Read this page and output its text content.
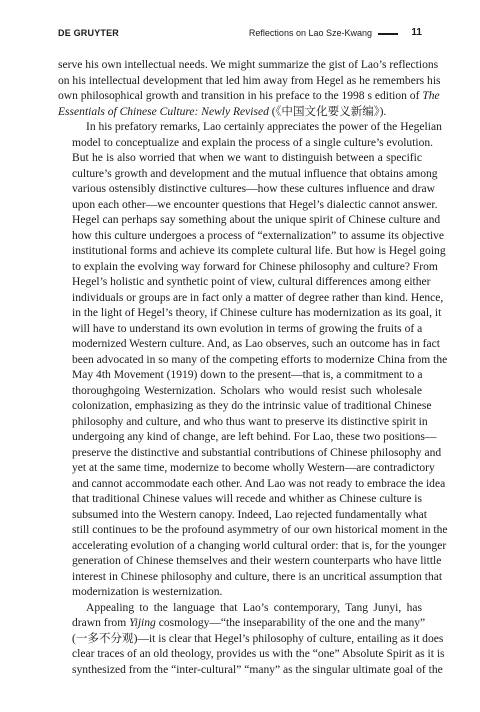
DE GRUYTER	Reflections on Lao Sze-Kwang	11

serve his own intellectual needs. We might summarize the gist of Lao’s reflections
on his intellectual development that led him away from Hegel as he remembers his
own philosophical growth and transition in his preface to the 1998 s edition of The
Essentials of Chinese Culture: Newly Revised (《中国文化要义新编》).

In his prefatory remarks, Lao certainly appreciates the power of the Hegelian
model to conceptualize and explain the process of a single culture’s evolution.
But he is also worried that when we want to distinguish between a specific
culture’s growth and development and the mutual influence that obtains among
various ostensibly distinctive cultures—how these cultures influence and draw
upon each other—we encounter questions that Hegel’s dialectic cannot answer.
Hegel can perhaps say something about the unique spirit of Chinese culture and
how this culture undergoes a process of “externalization” to assume its objective
institutional forms and achieve its complete cultural life. But how is Hegel going
to explain the evolving way forward for Chinese philosophy and culture? From
Hegel’s holistic and synthetic point of view, cultural differences among either
individuals or groups are in fact only a matter of degree rather than kind. Hence,
in the light of Hegel’s theory, if Chinese culture has modernization as its goal, it
will have to understand its own evolution in terms of growing the fruits of a
modernized Western culture. And, as Lao observes, such an outcome has in fact
been advocated in so many of the competing efforts to modernize China from the
May 4th Movement (1919) down to the present—that is, a commitment to a
thoroughgoing Westernization. Scholars who would resist such wholesale
colonization, emphasizing as they do the intrinsic value of traditional Chinese
philosophy and culture, and who thus want to preserve its distinctive spirit in
undergoing any kind of change, are left behind. For Lao, these two positions—
preserve the distinctive and substantial contributions of Chinese philosophy and
yet at the same time, modernize to become wholly Western—are contradictory
and cannot accommodate each other. And Lao was not ready to embrace the idea
that traditional Chinese values will recede and whither as Chinese culture is
subsumed into the Western canopy. Indeed, Lao rejected fundamentally what
still continues to be the profound asymmetry of our own historical moment in the
accelerating evolution of a changing world cultural order: that is, for the younger
generation of Chinese themselves and their western counterparts who have little
interest in Chinese philosophy and culture, there is an uncritical assumption that
modernization is westernization.

Appealing to the language that Lao’s contemporary, Tang Junyi, has
drawn from Yijing cosmology—“the inseparability of the one and the many”
(一多不分观)—it is clear that Hegel’s philosophy of culture, entailing as it does
clear traces of an old theology, provides us with the “one” Absolute Spirit as it is
synthesized from the “inter-cultural” “many” as the singular ultimate goal of the
